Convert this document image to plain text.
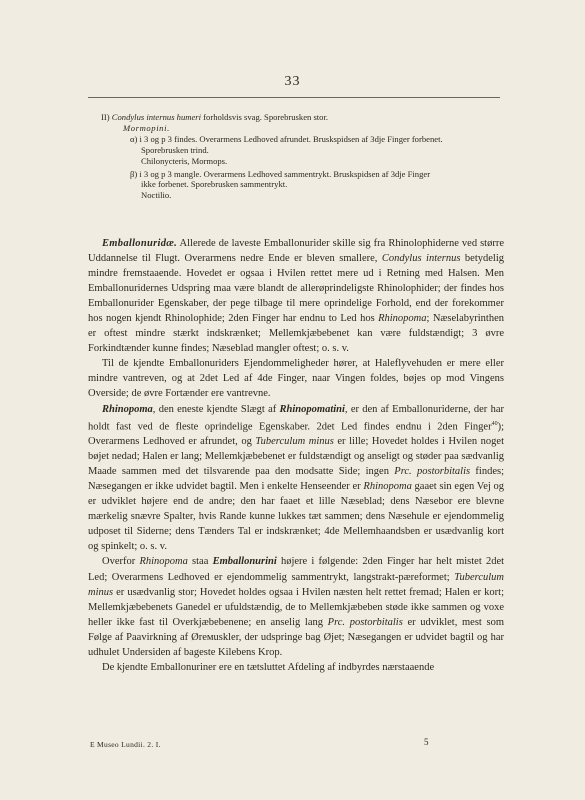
33
II) Condylus internus humeri forholdsvis svag. Sporebrusken stor.
Mormopini.
α) i 3 og p 3 findes. Overarmens Ledhoved afrundet. Bruskspidsen af 3dje Finger forbenet.
Sporebrusken trind.
Chilonycteris, Mormops.
β) i 3 og p 3 mangle. Overarmens Ledhoved sammentrykt. Bruskspidsen af 3dje Finger
ikke forbenet. Sporebrusken sammentrykt.
Noctilio.

Emballonuridæ. Allerede de laveste Emballonurider skille sig fra Rhinolophiderne ved større Uddannelse til Flugt. Overarmens nedre Ende er bleven smallere, Condylus internus betydelig mindre fremstaaende. Hovedet er ogsaa i Hvilen rettet mere ud i Retning med Halsen. Men Emballonuridernes Udspring maa være blandt de allerøprindeligste Rhinolophider; der findes hos Emballonurider Egenskaber, der pege tilbage til mere oprindelige Forhold, end der forekommer hos nogen kjendt Rhinolophide; 2den Finger har endnu to Led hos Rhinopoma; Næselabyrinthen er oftest mindre stærkt indskrænket; Mellemkjæbebenet kan være fuldstændigt; 3 øvre Forkindtænder kunne findes; Næseblad mangler oftest; o. s. v.

Til de kjendte Emballonuriders Ejendommeligheder hører, at Haleflyvehuden er mere eller mindre vantreven, og at 2det Led af 4de Finger, naar Vingen foldes, bøjes op mod Vingens Overside; de øvre Fortænder ere vantrevne.

Rhinopoma, den eneste kjendte Slægt af Rhinopomatini, er den af Emballonuriderne, der har holdt fast ved de fleste oprindelige Egenskaber. 2det Led findes endnu i 2den Finger$^{40}$); Overarmens Ledhoved er afrundet, og Tuberculum minus er lille; Hovedet holdes i Hvilen noget bøjet nedad; Halen er lang; Mellemkjæbebenet er fuldstændigt og anseligt og støder paa sædvanlig Maade sammen med det tilsvarende paa den modsatte Side; ingen Prc. postorbitalis findes; Næsegangen er ikke udvidet bagtil. Men i enkelte Henseender er Rhinopoma gaaet sin egen Vej og er udviklet højere end de andre; den har faaet et lille Næseblad; dens Næsebor ere blevne mærkelig snævre Spalter, hvis Rande kunne lukkes tæt sammen; dens Næsehule er ejendommelig udposet til Siderne; dens Tænders Tal er indskrænket; 4de Mellemhaandsben er usædvanlig kort og spinkelt; o. s. v.

Overfor Rhinopoma staa Emballonurini højere i følgende: 2den Finger har helt mistet 2det Led; Overarmens Ledhoved er ejendommelig sammentrykt, langstrakt-pæreformet; Tuberculum minus er usædvanlig stor; Hovedet holdes ogsaa i Hvilen næsten helt rettet fremad; Halen er kort; Mellemkjæbebenets Ganedel er ufuldstændig, de to Mellemkjæbeben støde ikke sammen og voxe heller ikke fast til Overkjæbebenene; en anselig lang Prc. postorbitalis er udviklet, mest som Følge af Paavirkning af Ørемuskler, der udspringe bag Øjet; Næsegangen er udvidet bagtil og har udhulet Undersiden af bageste Kilebens Krop.

De kjendte Emballonuriner ere en tætsluttet Afdeling af indbyrdes nærstaaende

E Museo Lundii. 2. I.	5
